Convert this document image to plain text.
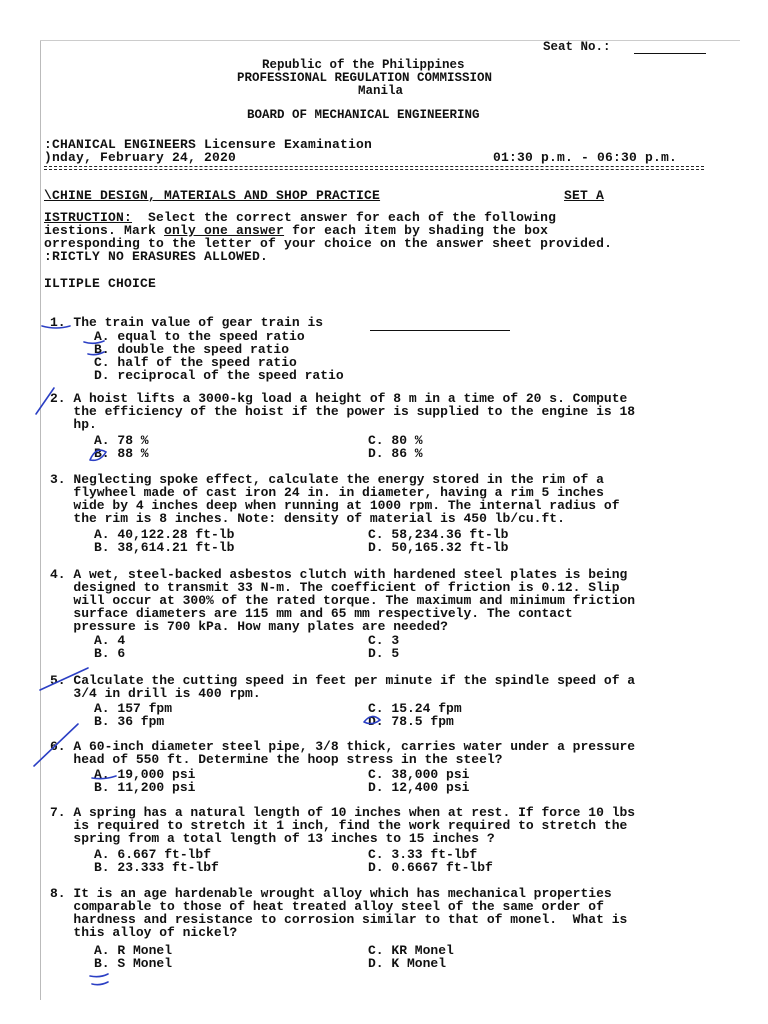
Seat No.:
Republic of the Philippines
PROFESSIONAL REGULATION COMMISSION
Manila
BOARD OF MECHANICAL ENGINEERING
:CHANICAL ENGINEERS Licensure Examination
)nday, February 24, 2020	01:30 p.m. - 06:30 p.m.
\CHINE DESIGN, MATERIALS AND SHOP PRACTICE	SET A
ISTRUCTION:  Select the correct answer for each of the following
iestions. Mark only one answer for each item by shading the box
orresponding to the letter of your choice on the answer sheet provided.
:RICTLY NO ERASURES ALLOWED.
ILTIPLE CHOICE
1. The train value of gear train is
A. equal to the speed ratio
B. double the speed ratio
C. half of the speed ratio
D. reciprocal of the speed ratio
2. A hoist lifts a 3000-kg load a height of 8 m in a time of 20 s. Compute
the efficiency of the hoist if the power is supplied to the engine is 18
hp.
A. 78 %	C. 80 %
B. 88 %	D. 86 %
3. Neglecting spoke effect, calculate the energy stored in the rim of a
flywheel made of cast iron 24 in. in diameter, having a rim 5 inches
wide by 4 inches deep when running at 1000 rpm. The internal radius of
the rim is 8 inches. Note: density of material is 450 lb/cu.ft.
A. 40,122.28 ft-lb	C. 58,234.36 ft-lb
B. 38,614.21 ft-lb	D. 50,165.32 ft-lb
4. A wet, steel-backed asbestos clutch with hardened steel plates is being
designed to transmit 33 N-m. The coefficient of friction is 0.12. Slip
will occur at 300% of the rated torque. The maximum and minimum friction
surface diameters are 115 mm and 65 mm respectively. The contact
pressure is 700 kPa. How many plates are needed?
A. 4	C. 3
B. 6	D. 5
5. Calculate the cutting speed in feet per minute if the spindle speed of a
3/4 in drill is 400 rpm.
A. 157 fpm	C. 15.24 fpm
B. 36 fpm	D. 78.5 fpm
6. A 60-inch diameter steel pipe, 3/8 thick, carries water under a pressure
head of 550 ft. Determine the hoop stress in the steel?
A. 19,000 psi	C. 38,000 psi
B. 11,200 psi	D. 12,400 psi
7. A spring has a natural length of 10 inches when at rest. If force 10 lbs
is required to stretch it 1 inch, find the work required to stretch the
spring from a total length of 13 inches to 15 inches ?
A. 6.667 ft-lbf	C. 3.33 ft-lbf
B. 23.333 ft-lbf	D. 0.6667 ft-lbf
8. It is an age hardenable wrought alloy which has mechanical properties
comparable to those of heat treated alloy steel of the same order of
hardness and resistance to corrosion similar to that of monel.  What is
this alloy of nickel?
A. R Monel	C. KR Monel
B. S Monel	D. K Monel
